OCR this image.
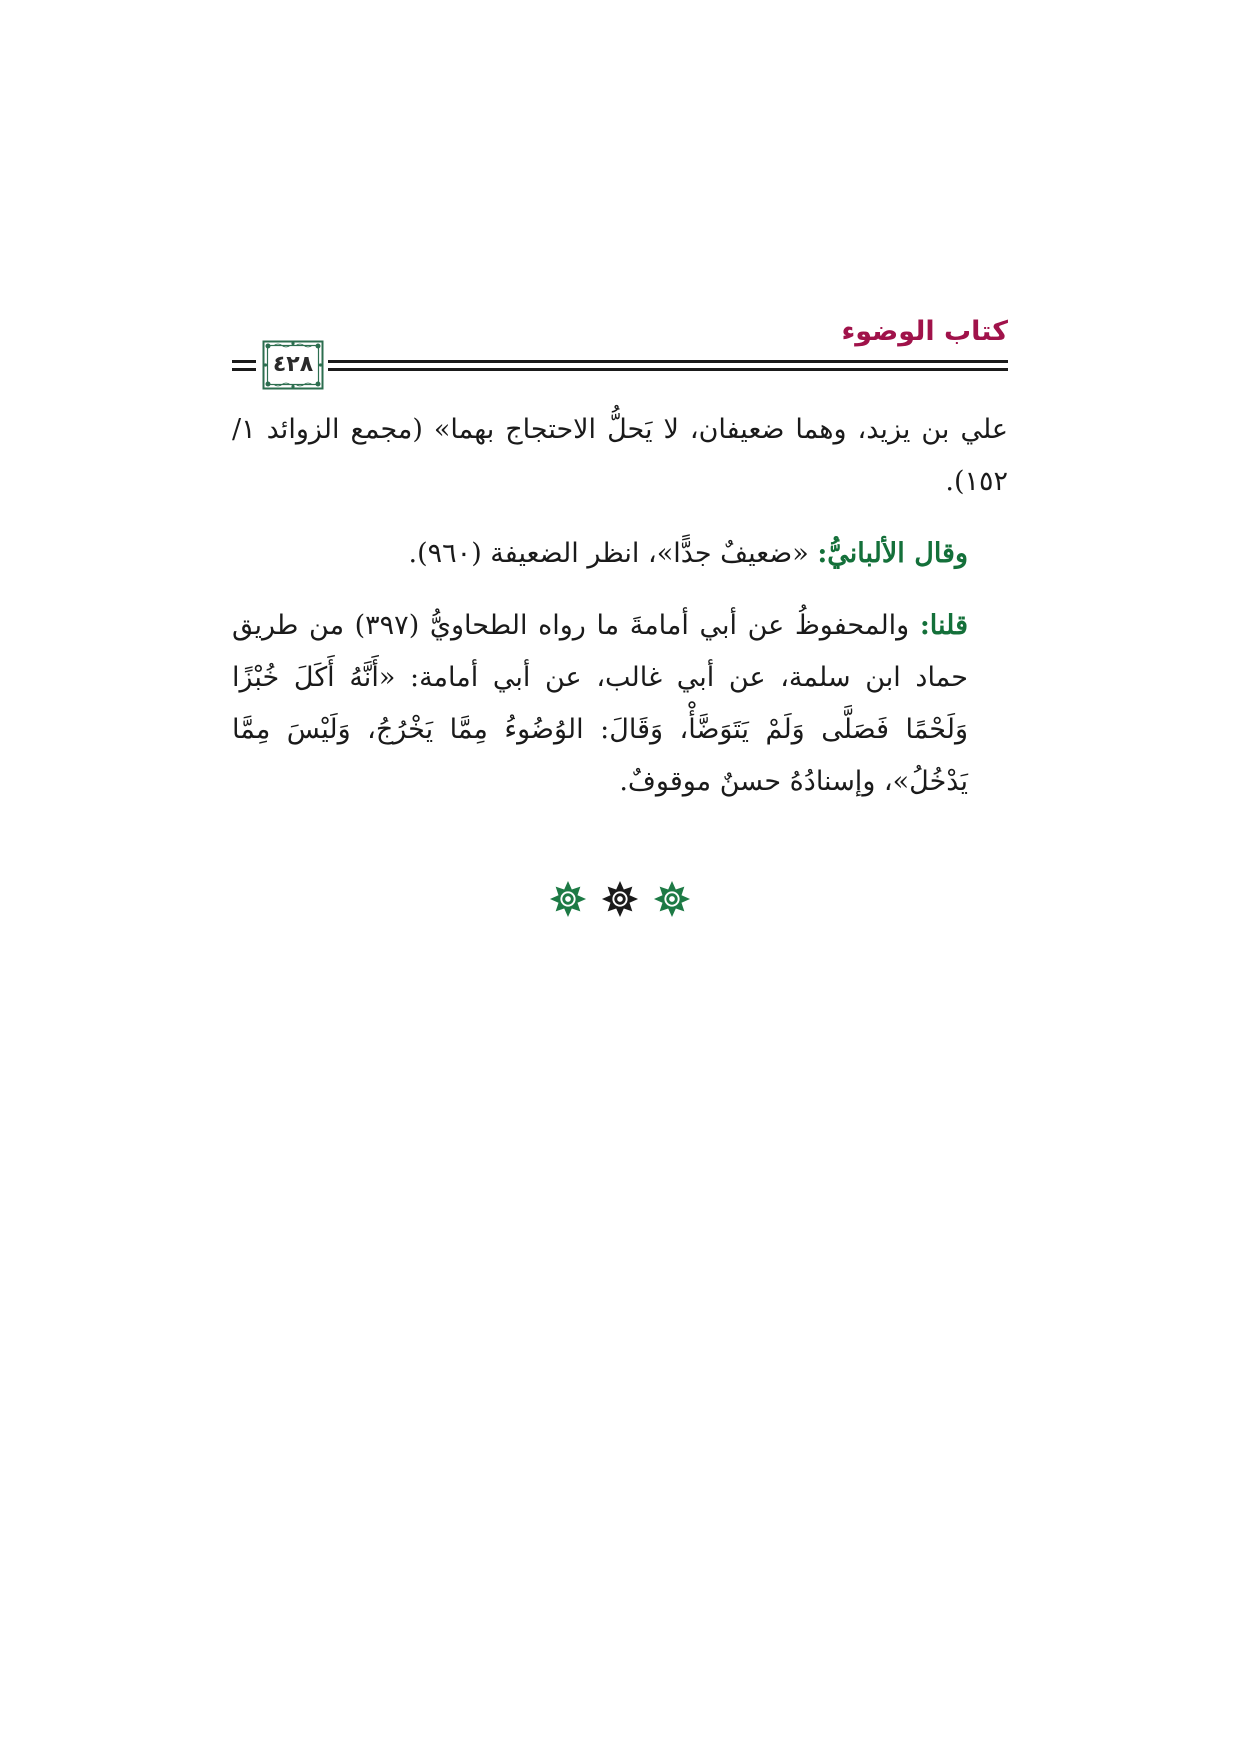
كتاب الوضوء
٤٢٨

علي بن يزيد، وهما ضعيفان، لا يَحلُّ الاحتجاج بهما» (مجمع الزوائد ١/ ١٥٢).

وقال الألبانيُّ: «ضعيفٌ جدًّا»، انظر الضعيفة (٩٦٠).

قلنا: والمحفوظُ عن أبي أمامةَ ما رواه الطحاويُّ (٣٩٧) من طريق حماد ابن سلمة، عن أبي غالب، عن أبي أمامة: «أَنَّهُ أَكَلَ خُبْزًا وَلَحْمًا فَصَلَّى وَلَمْ يَتَوَضَّأْ، وَقَالَ: الوُضُوءُ مِمَّا يَخْرُجُ، وَلَيْسَ مِمَّا يَدْخُلُ»، وإسنادُهُ حسنٌ موقوفٌ.
